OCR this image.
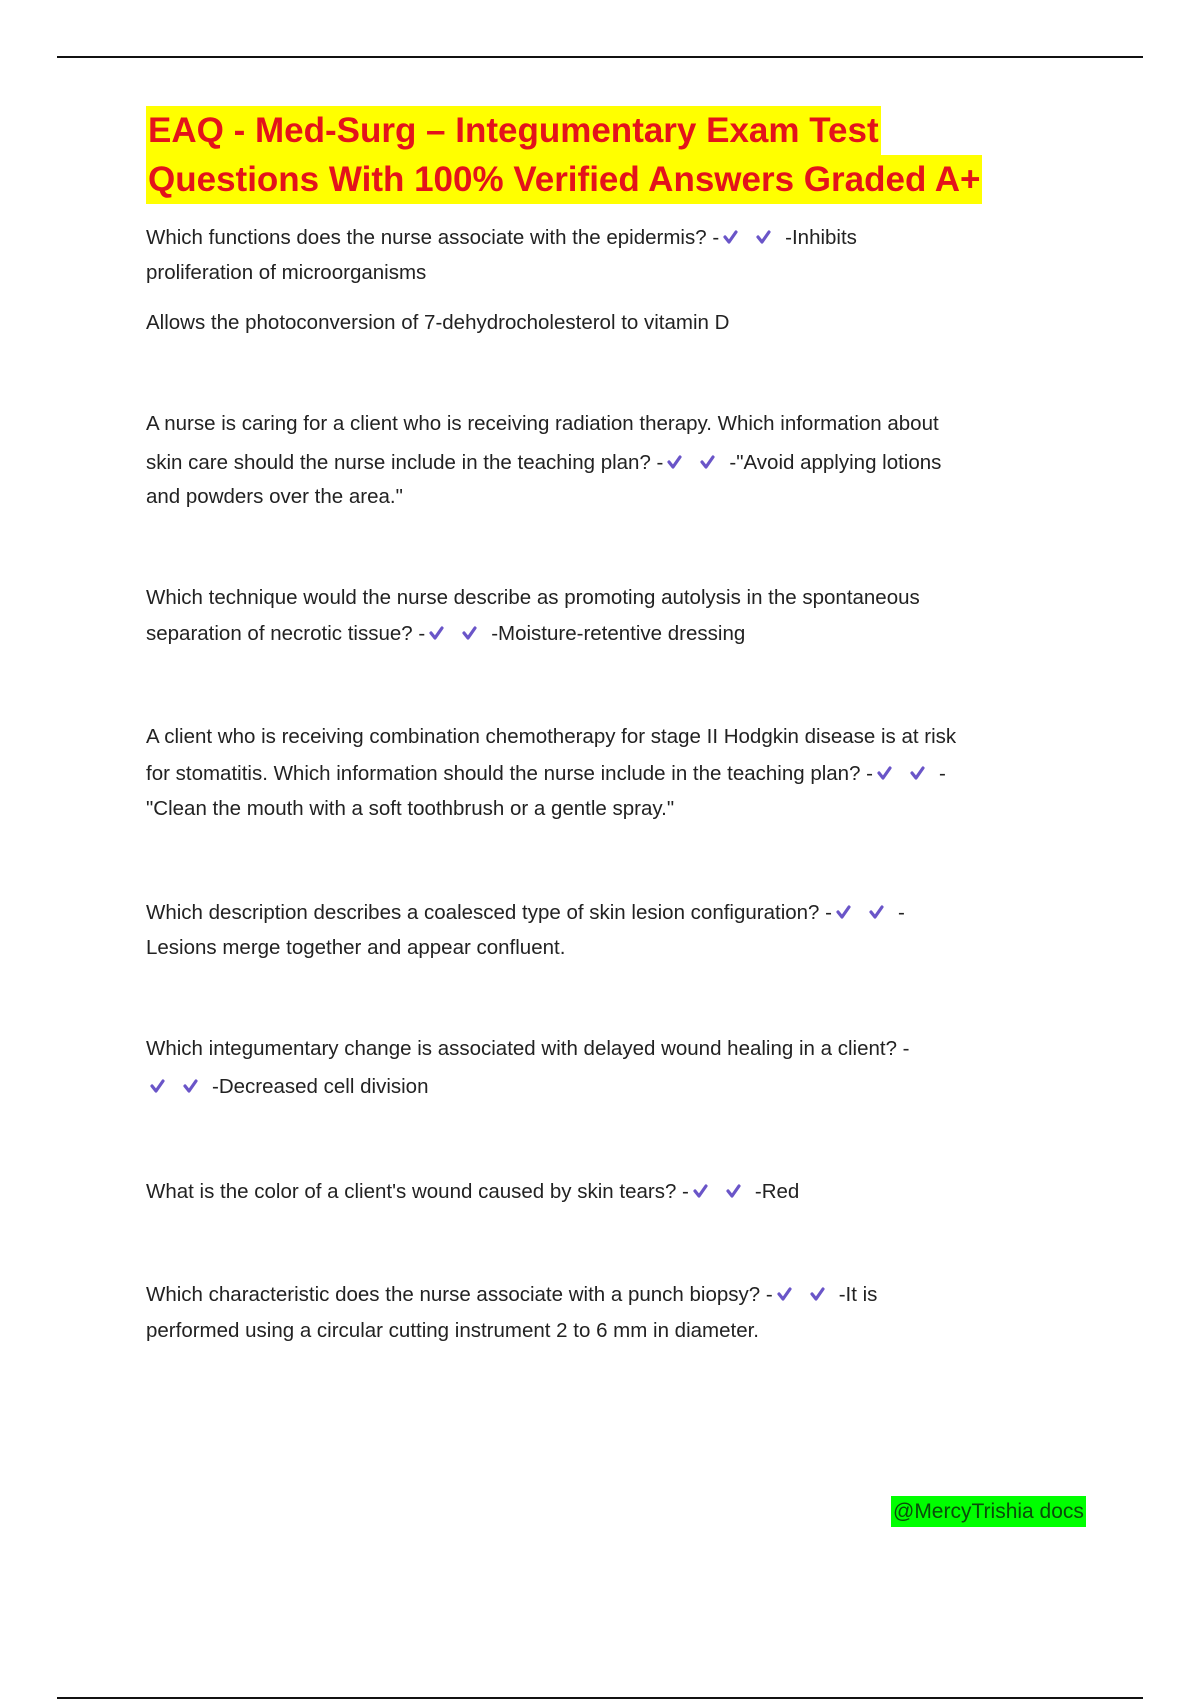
EAQ - Med-Surg – Integumentary Exam Test
Questions With 100% Verified Answers Graded A+
Which functions does the nurse associate with the epidermis? -	-Inhibits
proliferation of microorganisms
Allows the photoconversion of 7-dehydrocholesterol to vitamin D
A nurse is caring for a client who is receiving radiation therapy. Which information about
skin care should the nurse include in the teaching plan? -	-"Avoid applying lotions
and powders over the area."
Which technique would the nurse describe as promoting autolysis in the spontaneous
separation of necrotic tissue? -	-Moisture-retentive dressing
A client who is receiving combination chemotherapy for stage II Hodgkin disease is at risk
for stomatitis. Which information should the nurse include in the teaching plan? -	-
"Clean the mouth with a soft toothbrush or a gentle spray."
Which description describes a coalesced type of skin lesion configuration? -	-
Lesions merge together and appear confluent.
Which integumentary change is associated with delayed wound healing in a client? -
-Decreased cell division
What is the color of a client's wound caused by skin tears? -	-Red
Which characteristic does the nurse associate with a punch biopsy? -	-It is
performed using a circular cutting instrument 2 to 6 mm in diameter.
@MercyTrishia docs
